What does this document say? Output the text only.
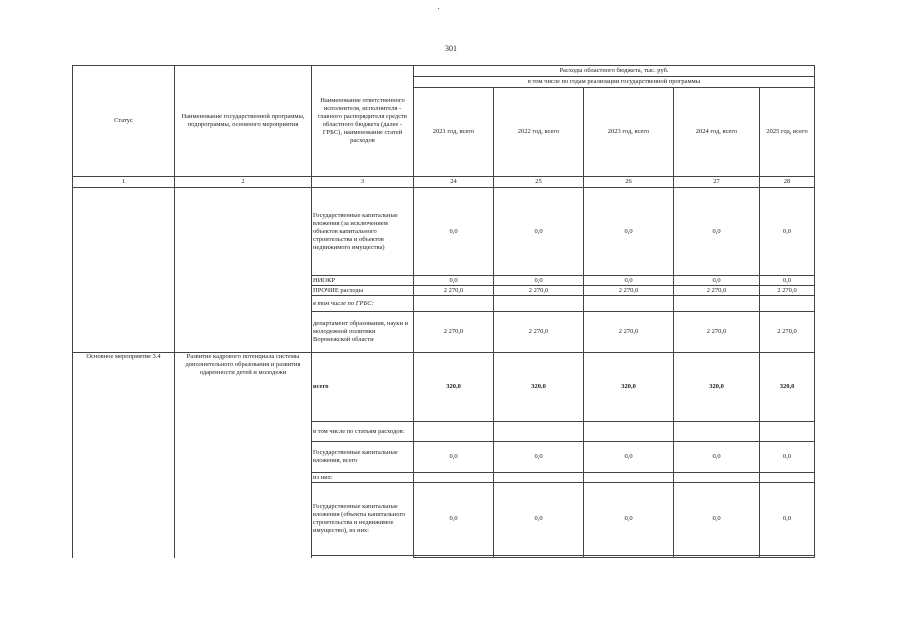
301
Статус	Наименование государственной программы, подпрограммы, основного мероприятия	Наименование ответственного исполнителя, исполнителя - главного распорядителя средств областного бюджета (далее - ГРБС), наименование статей расходов	Расходы областного бюджета, тыс. руб.				
			в том числе по годам реализации государственной программы				
			2021 год, всего	2022 год, всего	2023 год, всего	2024 год, всего	2025 год, всего
1	2	3	24	25	26	27	28
		Государственные капитальные вложения (за исключением объектов капитального строительства и объектов недвижимого имущества)	0,0	0,0	0,0	0,0	0,0
		НИОКР	0,0	0,0	0,0	0,0	0,0
		ПРОЧИЕ расходы	2 270,0	2 270,0	2 270,0	2 270,0	2 270,0
		в том числе по ГРБС:					
		департамент образования, науки и молодежной политики Воронежской области	2 270,0	2 270,0	2 270,0	2 270,0	2 270,0
Основное мероприятие 3.4	Развитие кадрового потенциала системы дополнительного образования и развития одаренности детей и молодежи	всего	320,0	320,0	320,0	320,0	320,0
		в том числе по статьям расходов:					
		Государственные капитальные вложения, всего	0,0	0,0	0,0	0,0	0,0
		из них:					
		Государственные капитальные вложения (объекты капитального строительства и недвижимое имущество), из них:	0,0	0,0	0,0	0,0	0,0
